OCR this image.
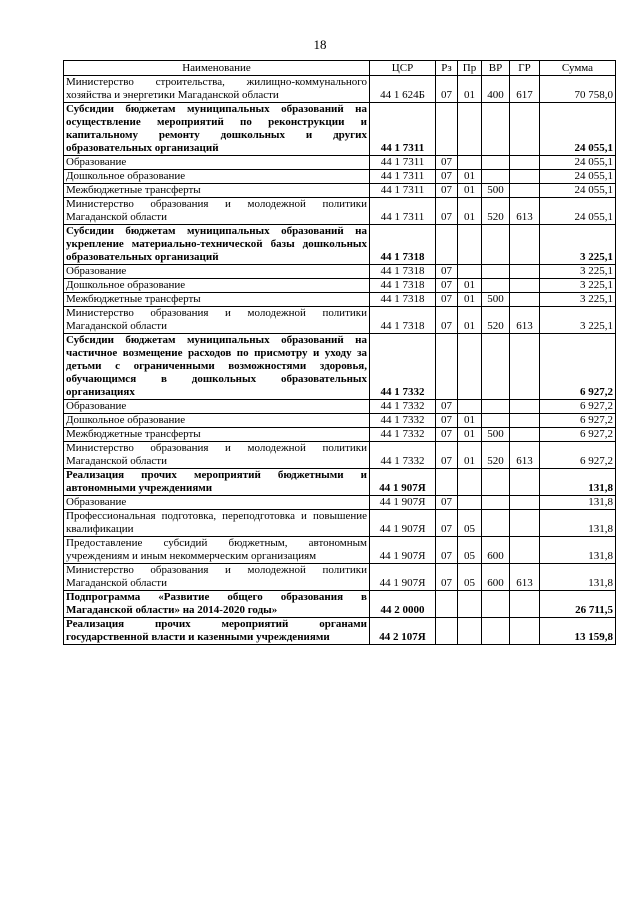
18
Наименование	ЦСР	Рз	Пр	ВР	ГР	Сумма
Министерство строительства, жилищно-коммунального хозяйства и энергетики Магаданской области	44 1 624Б	07	01	400	617	70 758,0
Субсидии бюджетам муниципальных образований на осуществление мероприятий по реконструкции и капитальному ремонту дошкольных и других образовательных организаций	44 1 7311					24 055,1
Образование	44 1 7311	07				24 055,1
Дошкольное образование	44 1 7311	07	01			24 055,1
Межбюджетные трансферты	44 1 7311	07	01	500		24 055,1
Министерство образования и молодежной политики Магаданской области	44 1 7311	07	01	520	613	24 055,1
Субсидии бюджетам муниципальных образований на укрепление материально-технической базы дошкольных образовательных организаций	44 1 7318					3 225,1
Образование	44 1 7318	07				3 225,1
Дошкольное образование	44 1 7318	07	01			3 225,1
Межбюджетные трансферты	44 1 7318	07	01	500		3 225,1
Министерство образования и молодежной политики Магаданской области	44 1 7318	07	01	520	613	3 225,1
Субсидии бюджетам муниципальных образований на частичное возмещение расходов по присмотру и уходу за детьми с ограниченными возможностями здоровья, обучающимся в дошкольных образовательных организациях	44 1 7332					6 927,2
Образование	44 1 7332	07				6 927,2
Дошкольное образование	44 1 7332	07	01			6 927,2
Межбюджетные трансферты	44 1 7332	07	01	500		6 927,2
Министерство образования и молодежной политики Магаданской области	44 1 7332	07	01	520	613	6 927,2
Реализация прочих мероприятий бюджетными и автономными учреждениями	44 1 907Я					131,8
Образование	44 1 907Я	07				131,8
Профессиональная подготовка, переподготовка и повышение квалификации	44 1 907Я	07	05			131,8
Предоставление субсидий бюджетным, автономным учреждениям и иным некоммерческим организациям	44 1 907Я	07	05	600		131,8
Министерство образования и молодежной политики Магаданской области	44 1 907Я	07	05	600	613	131,8
Подпрограмма «Развитие общего образования в Магаданской области» на 2014-2020 годы»	44 2 0000					26 711,5
Реализация прочих мероприятий органами государственной власти и казенными учреждениями	44 2 107Я					13 159,8
